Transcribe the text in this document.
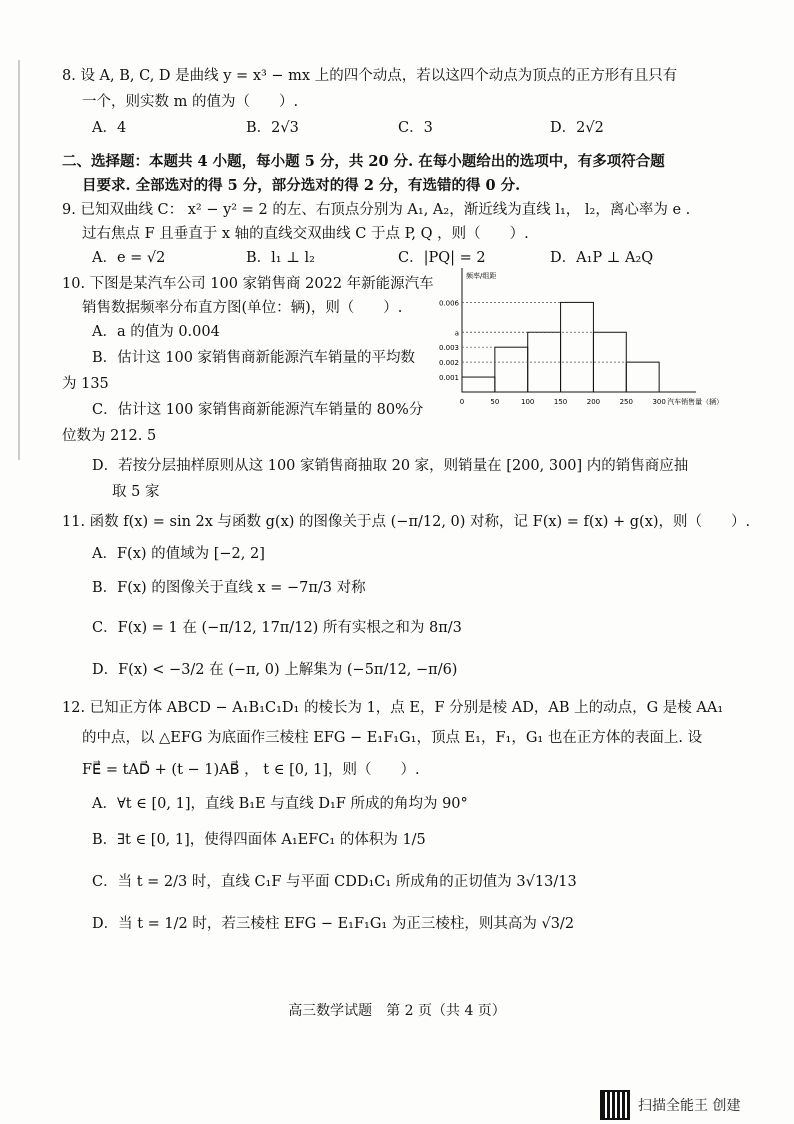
8. 设 A, B, C, D 是曲线 y = x³ − mx 上的四个动点，若以这四个动点为顶点的正方形有且只有
一个，则实数 m 的值为（　　）.
A．4	B．2√3	C．3	D．2√2
二、选择题：本题共 4 小题，每小题 5 分，共 20 分. 在每小题给出的选项中，有多项符合题
目要求. 全部选对的得 5 分，部分选对的得 2 分，有选错的得 0 分.
9. 已知双曲线 C： x² − y² = 2 的左、右顶点分别为 A₁, A₂，渐近线为直线 l₁， l₂，离心率为 e .
过右焦点 F 且垂直于 x 轴的直线交双曲线 C 于点 P, Q ，则（　　）.
A．e = √2	B．l₁ ⊥ l₂	C．|PQ| = 2	D．A₁P ⊥ A₂Q
10. 下图是某汽车公司 100 家销售商 2022 年新能源汽车
销售数据频率分布直方图(单位：辆)，则（　　）.
A．a 的值为 0.004
B．估计这 100 家销售商新能源汽车销量的平均数
为 135
C．估计这 100 家销售商新能源汽车销量的 80%分
位数为 212. 5
D．若按分层抽样原则从这 100 家销售商抽取 20 家，则销量在 [200, 300] 内的销售商应抽
取 5 家
0.001
0.002
0.003
a
0.006
0	50	100	150	200	250	300 汽车销售量（辆）
频率/组距
11. 函数 f(x) = sin 2x 与函数 g(x) 的图像关于点 (−π/12, 0) 对称，记 F(x) = f(x) + g(x)，则（　　）.
A．F(x) 的值域为 [−2, 2]
B．F(x) 的图像关于直线 x = −7π/3 对称
C．F(x) = 1 在 (−π/12, 17π/12) 所有实根之和为 8π/3
D．F(x) < −3/2 在 (−π, 0) 上解集为 (−5π/12, −π/6)
12. 已知正方体 ABCD − A₁B₁C₁D₁ 的棱长为 1，点 E，F 分别是棱 AD，AB 上的动点，G 是棱 AA₁
的中点，以 △EFG 为底面作三棱柱 EFG − E₁F₁G₁，顶点 E₁，F₁，G₁ 也在正方体的表面上. 设
FE⃗ = tAD⃗ + (t − 1)AB⃗ ， t ∈ [0, 1]，则（　　）.
A．∀t ∈ [0, 1]，直线 B₁E 与直线 D₁F 所成的角均为 90°
B．∃t ∈ [0, 1]，使得四面体 A₁EFC₁ 的体积为 1/5
C．当 t = 2/3 时，直线 C₁F 与平面 CDD₁C₁ 所成角的正切值为 3√13/13
D．当 t = 1/2 时，若三棱柱 EFG − E₁F₁G₁ 为正三棱柱，则其高为 √3/2
高三数学试题　第 2 页（共 4 页）
扫描全能王 创建
